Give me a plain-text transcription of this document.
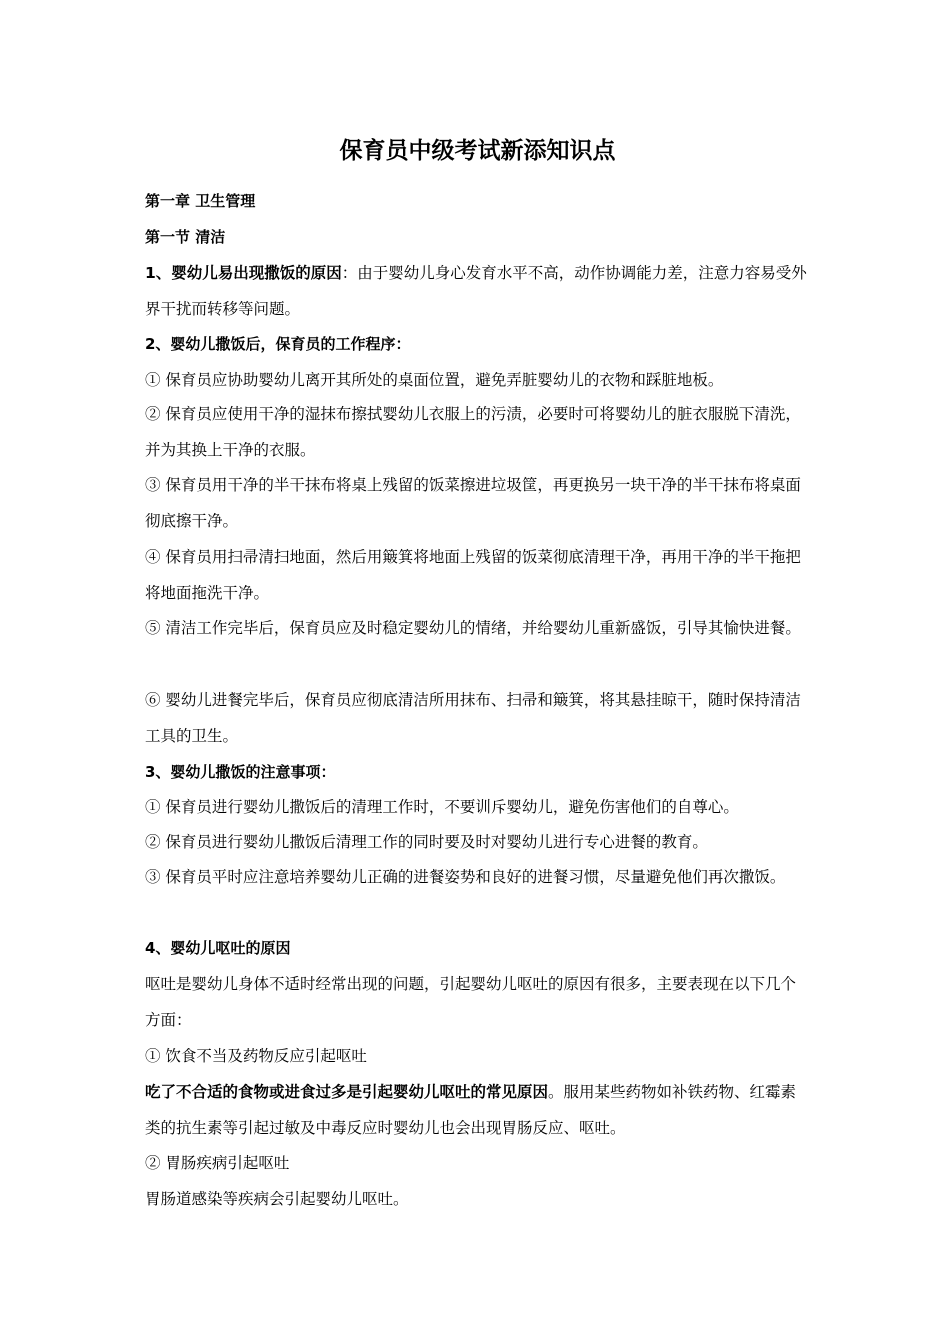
保育员中级考试新添知识点
第一章 卫生管理
第一节 清洁
1、婴幼儿易出现撒饭的原因：由于婴幼儿身心发育水平不高，动作协调能力差，注意力容易受外界干扰而转移等问题。
2、婴幼儿撒饭后，保育员的工作程序：
① 保育员应协助婴幼儿离开其所处的桌面位置，避免弄脏婴幼儿的衣物和踩脏地板。
② 保育员应使用干净的湿抹布擦拭婴幼儿衣服上的污渍，必要时可将婴幼儿的脏衣服脱下清洗，并为其换上干净的衣服。
③ 保育员用干净的半干抹布将桌上残留的饭菜擦进垃圾筐，再更换另一块干净的半干抹布将桌面彻底擦干净。
④ 保育员用扫帚清扫地面，然后用簸箕将地面上残留的饭菜彻底清理干净，再用干净的半干拖把将地面拖洗干净。
⑤ 清洁工作完毕后，保育员应及时稳定婴幼儿的情绪，并给婴幼儿重新盛饭，引导其愉快进餐。
⑥ 婴幼儿进餐完毕后，保育员应彻底清洁所用抹布、扫帚和簸箕，将其悬挂晾干，随时保持清洁工具的卫生。
3、婴幼儿撒饭的注意事项：
① 保育员进行婴幼儿撒饭后的清理工作时，不要训斥婴幼儿，避免伤害他们的自尊心。
② 保育员进行婴幼儿撒饭后清理工作的同时要及时对婴幼儿进行专心进餐的教育。
③ 保育员平时应注意培养婴幼儿正确的进餐姿势和良好的进餐习惯，尽量避免他们再次撒饭。
4、婴幼儿呕吐的原因
呕吐是婴幼儿身体不适时经常出现的问题，引起婴幼儿呕吐的原因有很多，主要表现在以下几个方面：
① 饮食不当及药物反应引起呕吐
吃了不合适的食物或进食过多是引起婴幼儿呕吐的常见原因。服用某些药物如补铁药物、红霉素类的抗生素等引起过敏及中毒反应时婴幼儿也会出现胃肠反应、呕吐。
② 胃肠疾病引起呕吐
胃肠道感染等疾病会引起婴幼儿呕吐。
